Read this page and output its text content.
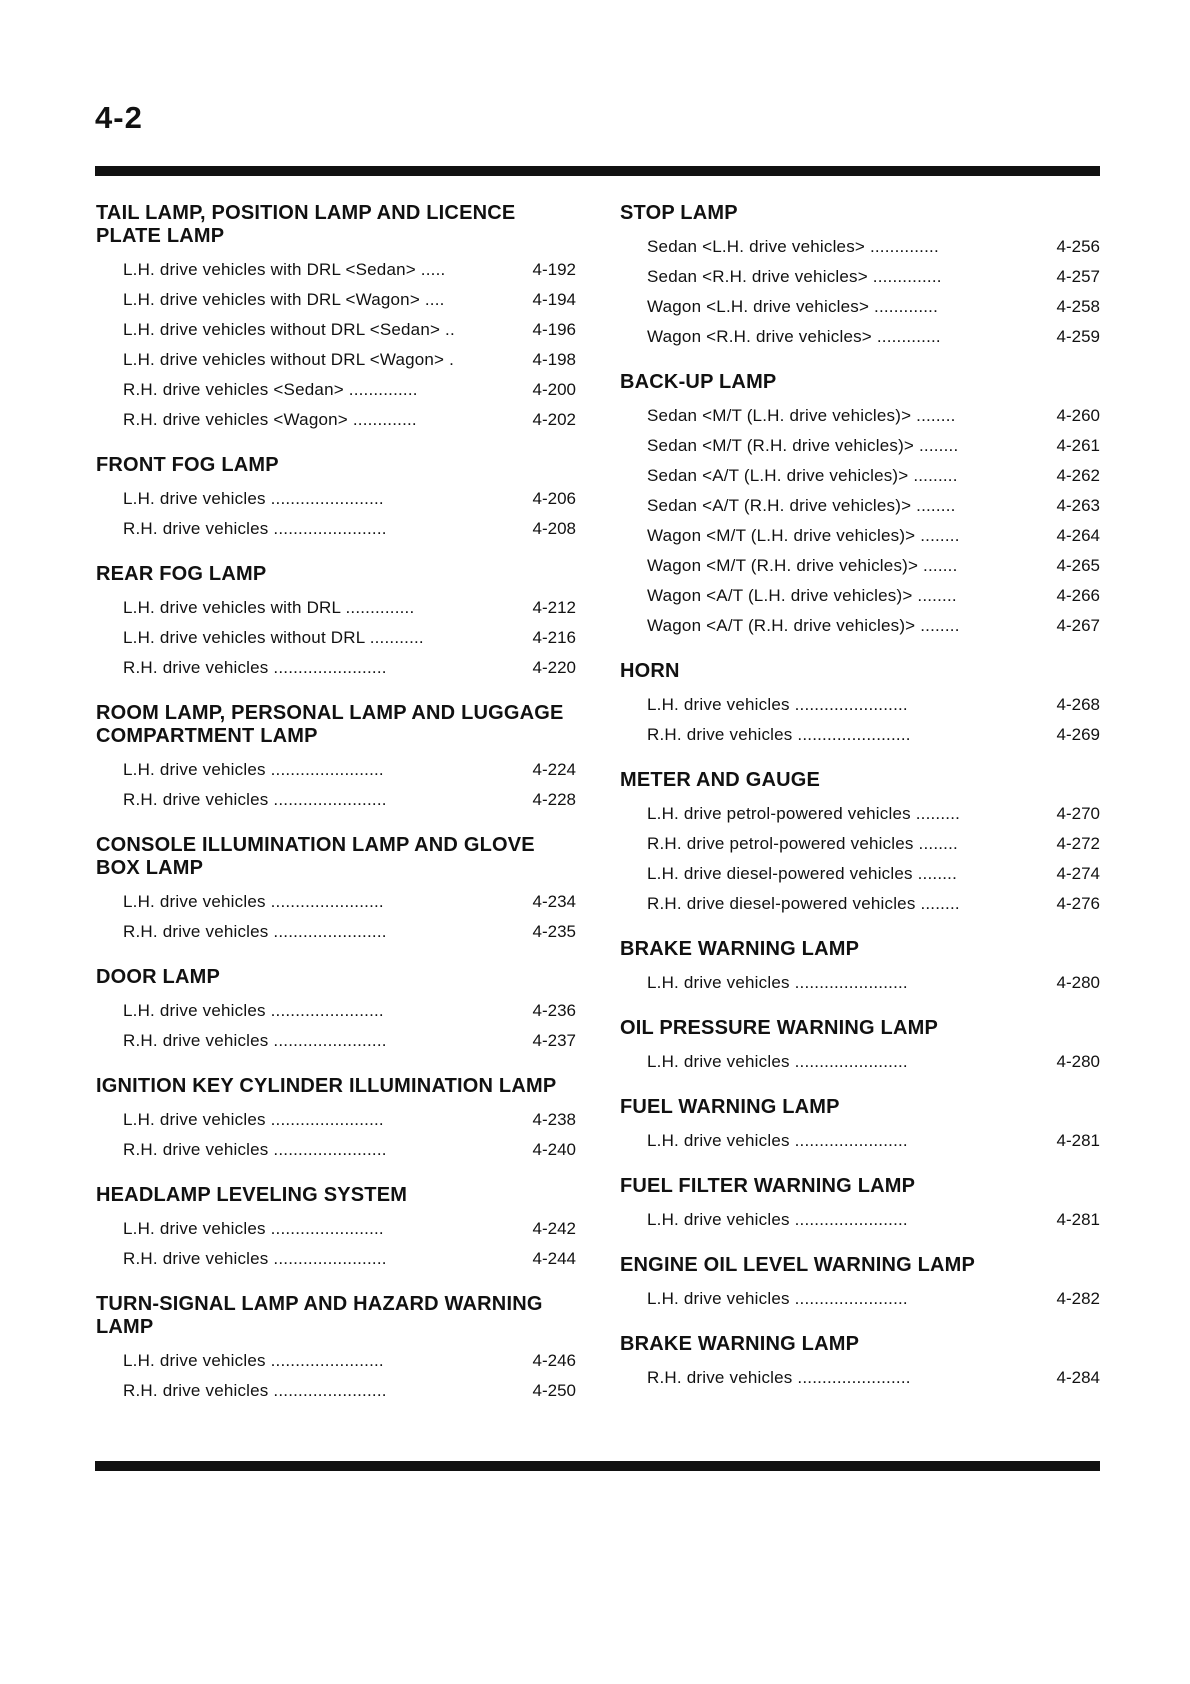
4-2
TAIL LAMP, POSITION LAMP AND LICENCE PLATE LAMP
L.H. drive vehicles with DRL <Sedan> .....	4-192
L.H. drive vehicles with DRL <Wagon> ....	4-194
L.H. drive vehicles without DRL <Sedan> ..	4-196
L.H. drive vehicles without DRL <Wagon> .	4-198
R.H. drive vehicles <Sedan> ..............	4-200
R.H. drive vehicles <Wagon> .............	4-202
FRONT FOG LAMP
L.H. drive vehicles .......................	4-206
R.H. drive vehicles .......................	4-208
REAR FOG LAMP
L.H. drive vehicles with DRL ..............	4-212
L.H. drive vehicles without DRL ...........	4-216
R.H. drive vehicles .......................	4-220
ROOM LAMP, PERSONAL LAMP AND LUGGAGE COMPARTMENT LAMP
L.H. drive vehicles .......................	4-224
R.H. drive vehicles .......................	4-228
CONSOLE ILLUMINATION LAMP AND GLOVE BOX LAMP
L.H. drive vehicles .......................	4-234
R.H. drive vehicles .......................	4-235
DOOR LAMP
L.H. drive vehicles .......................	4-236
R.H. drive vehicles .......................	4-237
IGNITION KEY CYLINDER ILLUMINATION LAMP
L.H. drive vehicles .......................	4-238
R.H. drive vehicles .......................	4-240
HEADLAMP LEVELING SYSTEM
L.H. drive vehicles .......................	4-242
R.H. drive vehicles .......................	4-244
TURN-SIGNAL LAMP AND HAZARD WARNING LAMP
L.H. drive vehicles .......................	4-246
R.H. drive vehicles .......................	4-250
STOP LAMP
Sedan <L.H. drive vehicles> ..............	4-256
Sedan <R.H. drive vehicles> ..............	4-257
Wagon <L.H. drive vehicles> .............	4-258
Wagon <R.H. drive vehicles> .............	4-259
BACK-UP LAMP
Sedan <M/T (L.H. drive vehicles)> ........	4-260
Sedan <M/T (R.H. drive vehicles)> ........	4-261
Sedan <A/T (L.H. drive vehicles)> .........	4-262
Sedan <A/T (R.H. drive vehicles)> ........	4-263
Wagon <M/T (L.H. drive vehicles)> ........	4-264
Wagon <M/T (R.H. drive vehicles)> .......	4-265
Wagon <A/T (L.H. drive vehicles)> ........	4-266
Wagon <A/T (R.H. drive vehicles)> ........	4-267
HORN
L.H. drive vehicles .......................	4-268
R.H. drive vehicles .......................	4-269
METER AND GAUGE
L.H. drive petrol-powered vehicles .........	4-270
R.H. drive petrol-powered vehicles ........	4-272
L.H. drive diesel-powered vehicles ........	4-274
R.H. drive diesel-powered vehicles ........	4-276
BRAKE WARNING LAMP
L.H. drive vehicles .......................	4-280
OIL PRESSURE WARNING LAMP
L.H. drive vehicles .......................	4-280
FUEL WARNING LAMP
L.H. drive vehicles .......................	4-281
FUEL FILTER WARNING LAMP
L.H. drive vehicles .......................	4-281
ENGINE OIL LEVEL WARNING LAMP
L.H. drive vehicles .......................	4-282
BRAKE WARNING LAMP
R.H. drive vehicles .......................	4-284
